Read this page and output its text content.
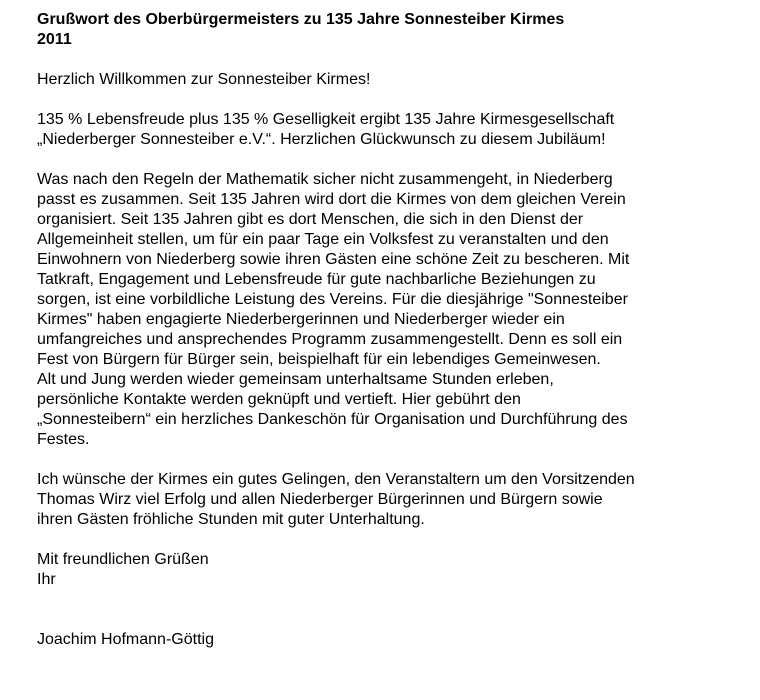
Grußwort des Oberbürgermeisters zu 135 Jahre Sonnesteiber Kirmes
2011

Herzlich Willkommen zur Sonnesteiber Kirmes!

135 % Lebensfreude plus 135 % Geselligkeit ergibt 135 Jahre Kirmesgesellschaft
„Niederberger Sonnesteiber e.V.“. Herzlichen Glückwunsch zu diesem Jubiläum!

Was nach den Regeln der Mathematik sicher nicht zusammengeht, in Niederberg
passt es zusammen. Seit 135 Jahren wird dort die Kirmes von dem gleichen Verein
organisiert. Seit 135 Jahren gibt es dort Menschen, die sich in den Dienst der
Allgemeinheit stellen, um für ein paar Tage ein Volksfest zu veranstalten und den
Einwohnern von Niederberg sowie ihren Gästen eine schöne Zeit zu bescheren. Mit
Tatkraft, Engagement und Lebensfreude für gute nachbarliche Beziehungen zu
sorgen, ist eine vorbildliche Leistung des Vereins. Für die diesjährige "Sonnesteiber
Kirmes" haben engagierte Niederbergerinnen und Niederberger wieder ein
umfangreiches und ansprechendes Programm zusammengestellt. Denn es soll ein
Fest von Bürgern für Bürger sein, beispielhaft für ein lebendiges Gemeinwesen.
Alt und Jung werden wieder gemeinsam unterhaltsame Stunden erleben,
persönliche Kontakte werden geknüpft und vertieft. Hier gebührt den
„Sonnesteibern“ ein herzliches Dankeschön für Organisation und Durchführung des
Festes.

Ich wünsche der Kirmes ein gutes Gelingen, den Veranstaltern um den Vorsitzenden
Thomas Wirz viel Erfolg und allen Niederberger Bürgerinnen und Bürgern sowie
ihren Gästen fröhliche Stunden mit guter Unterhaltung.

Mit freundlichen Grüßen
Ihr

Joachim Hofmann-Göttig
